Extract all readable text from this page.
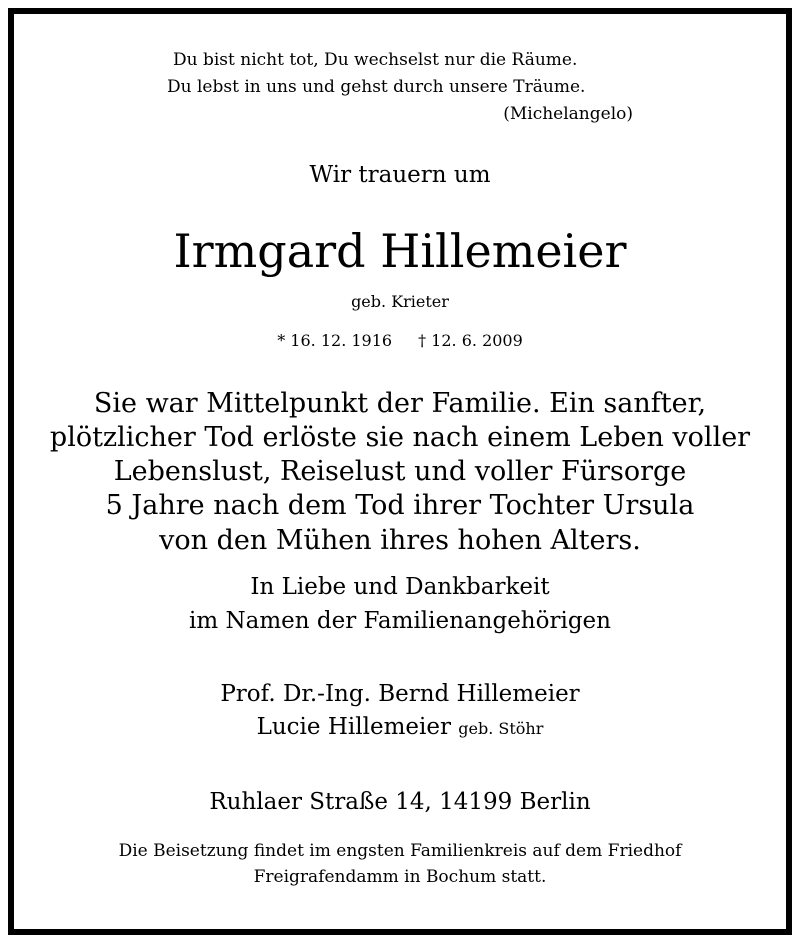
Du bist nicht tot, Du wechselst nur die Räume.
Du lebst in uns und gehst durch unsere Träume.
(Michelangelo)
Wir trauern um
Irmgard Hillemeier
geb. Krieter
* 16. 12. 1916 † 12. 6. 2009
Sie war Mittelpunkt der Familie. Ein sanfter,
plötzlicher Tod erlöste sie nach einem Leben voller
Lebenslust, Reiselust und voller Fürsorge
5 Jahre nach dem Tod ihrer Tochter Ursula
von den Mühen ihres hohen Alters.
In Liebe und Dankbarkeit
im Namen der Familienangehörigen
Prof. Dr.-Ing. Bernd Hillemeier
Lucie Hillemeier geb. Stöhr
Ruhlaer Straße 14, 14199 Berlin
Die Beisetzung findet im engsten Familienkreis auf dem Friedhof
Freigrafendamm in Bochum statt.
